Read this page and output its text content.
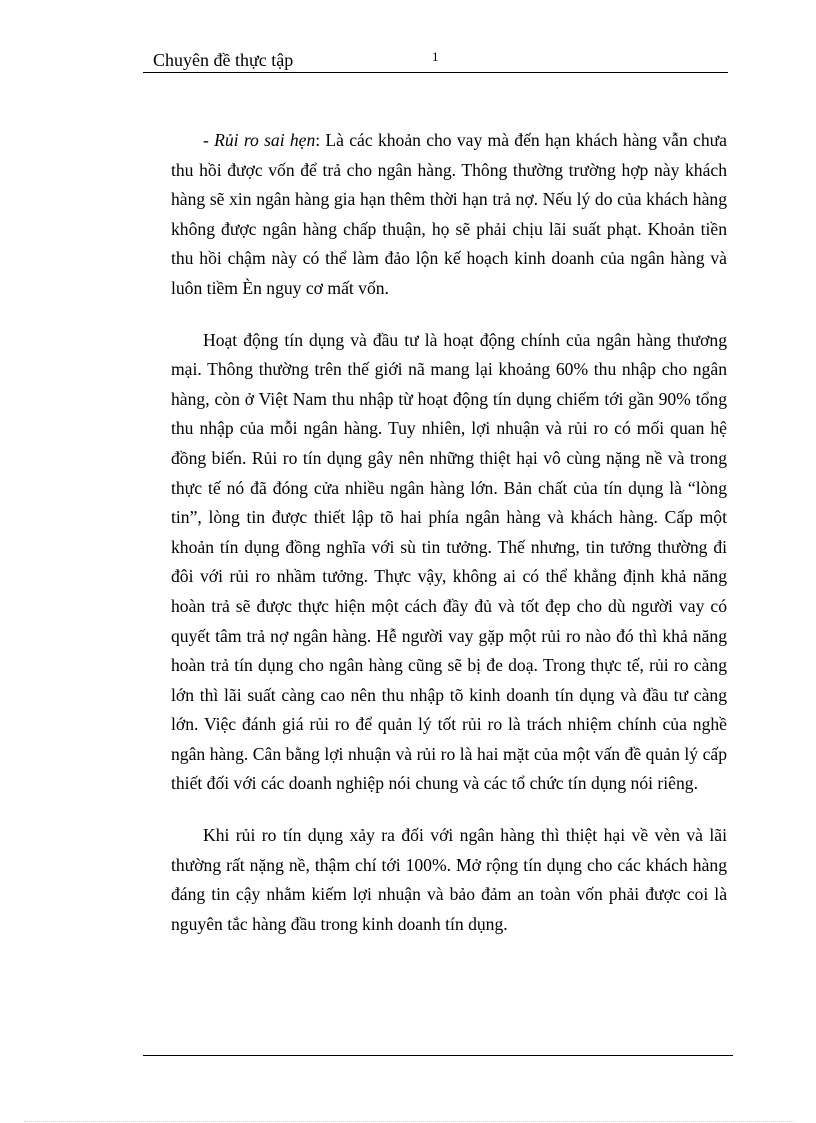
Chuyên đề thực tập	1

- Rủi ro sai hẹn: Là các khoản cho vay mà đến hạn khách hàng vẫn chưa thu hồi được vốn để trả cho ngân hàng. Thông thường trường hợp này khách hàng sẽ xin ngân hàng gia hạn thêm thời hạn trả nợ. Nếu lý do của khách hàng không được ngân hàng chấp thuận, họ sẽ phải chịu lãi suất phạt. Khoản tiền thu hồi chậm này có thể làm đảo lộn kế hoạch kinh doanh của ngân hàng và luôn tiềm Èn nguy cơ mất vốn.

Hoạt động tín dụng và đầu tư là hoạt động chính của ngân hàng thương mại. Thông thường trên thế giới nã mang lại khoảng 60% thu nhập cho ngân hàng, còn ở Việt Nam thu nhập từ hoạt động tín dụng chiếm tới gần 90% tổng thu nhập của mỗi ngân hàng. Tuy nhiên, lợi nhuận và rủi ro có mối quan hệ đồng biến. Rủi ro tín dụng gây nên những thiệt hại vô cùng nặng nề và trong thực tế nó đã đóng cửa nhiều ngân hàng lớn. Bản chất của tín dụng là “lòng tin”, lòng tin được thiết lập tõ hai phía ngân hàng và khách hàng. Cấp một khoản tín dụng đồng nghĩa với sù tin tưởng. Thế nhưng, tin tưởng thường đi đôi với rủi ro nhầm tưởng. Thực vậy, không ai có thể khẳng định khả năng hoàn trả sẽ được thực hiện một cách đầy đủ và tốt đẹp cho dù người vay có quyết tâm trả nợ ngân hàng. Hễ người vay gặp một rủi ro nào đó thì khả năng hoàn trả tín dụng cho ngân hàng cũng sẽ bị đe doạ. Trong thực tế, rủi ro càng lớn thì lãi suất càng cao nên thu nhập tõ kinh doanh tín dụng và đầu tư càng lớn. Việc đánh giá rủi ro để quản lý tốt rủi ro là trách nhiệm chính của nghề ngân hàng. Cân bằng lợi nhuận và rủi ro là hai mặt của một vấn đề quản lý cấp thiết đối với các doanh nghiệp nói chung và các tổ chức tín dụng nói riêng.

Khi rủi ro tín dụng xảy ra đối với ngân hàng thì thiệt hại về vèn và lãi thường rất nặng nề, thậm chí tới 100%. Mở rộng tín dụng cho các khách hàng đáng tin cậy nhằm kiếm lợi nhuận và bảo đảm an toàn vốn phải được coi là nguyên tắc hàng đầu trong kinh doanh tín dụng.
